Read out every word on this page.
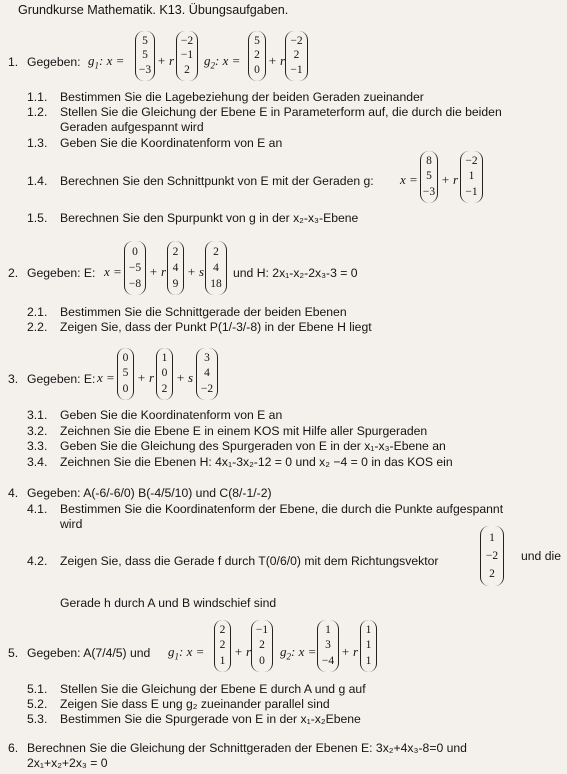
Grundkurse Mathematik. K13. Übungsaufgaben.
1. Gegeben: $g_1$: x =
5
5
−3
+ r
−2
−1
2
$g_2$: x =
5
2
0
+ r
−2
2
−1
1.1. Bestimmen Sie die Lagebeziehung der beiden Geraden zueinander
1.2. Stellen Sie die Gleichung der Ebene E in Parameterform auf, die durch die beiden
Geraden aufgespannt wird
1.3. Geben Sie die Koordinatenform von E an
1.4. Berechnen Sie den Schnittpunkt von E mit der Geraden g: x =
8
5
−3
+ r
−2
1
−1
1.5. Berechnen Sie den Spurpunkt von g in der x₂-x₃-Ebene
2. Gegeben: E: x =
0
−5
−8
+ r
2
4
9
+ s
2
4
18
und H: 2x₁-x₂-2x₃-3 = 0
2.1. Bestimmen Sie die Schnittgerade der beiden Ebenen
2.2. Zeigen Sie, dass der Punkt P(1/-3/-8) in der Ebene H liegt
3. Gegeben: E: x =
0
5
0
+ r
1
0
2
+ s
3
4
−2
3.1. Geben Sie die Koordinatenform von E an
3.2. Zeichnen Sie die Ebene E in einem KOS mit Hilfe aller Spurgeraden
3.3. Geben Sie die Gleichung des Spurgeraden von E in der x₁-x₃-Ebene an
3.4. Zeichnen Sie die Ebenen H: 4x₁-3x₂-12 = 0 und x₂ −4 = 0 in das KOS ein
4. Gegeben: A(-6/-6/0) B(-4/5/10) und C(8/-1/-2)
4.1. Bestimmen Sie die Koordinatenform der Ebene, die durch die Punkte aufgespannt
wird
4.2. Zeigen Sie, dass die Gerade f durch T(0/6/0) mit dem Richtungsvektor
1
−2
2
und die
Gerade h durch A und B windschief sind
5. Gegeben: A(7/4/5) und $g_1$: x =
2
2
1
+ r
−1
2
0
$g_2$: x =
1
3
−4
+ r
1
1
1
5.1. Stellen Sie die Gleichung der Ebene E durch A und g auf
5.2. Zeigen Sie dass E ung g₂ zueinander parallel sind
5.3. Bestimmen Sie die Spurgerade von E in der x₁-x₂Ebene
6. Berechnen Sie die Gleichung der Schnittgeraden der Ebenen E: 3x₂+4x₃-8=0 und
2x₁+x₂+2x₃ = 0
